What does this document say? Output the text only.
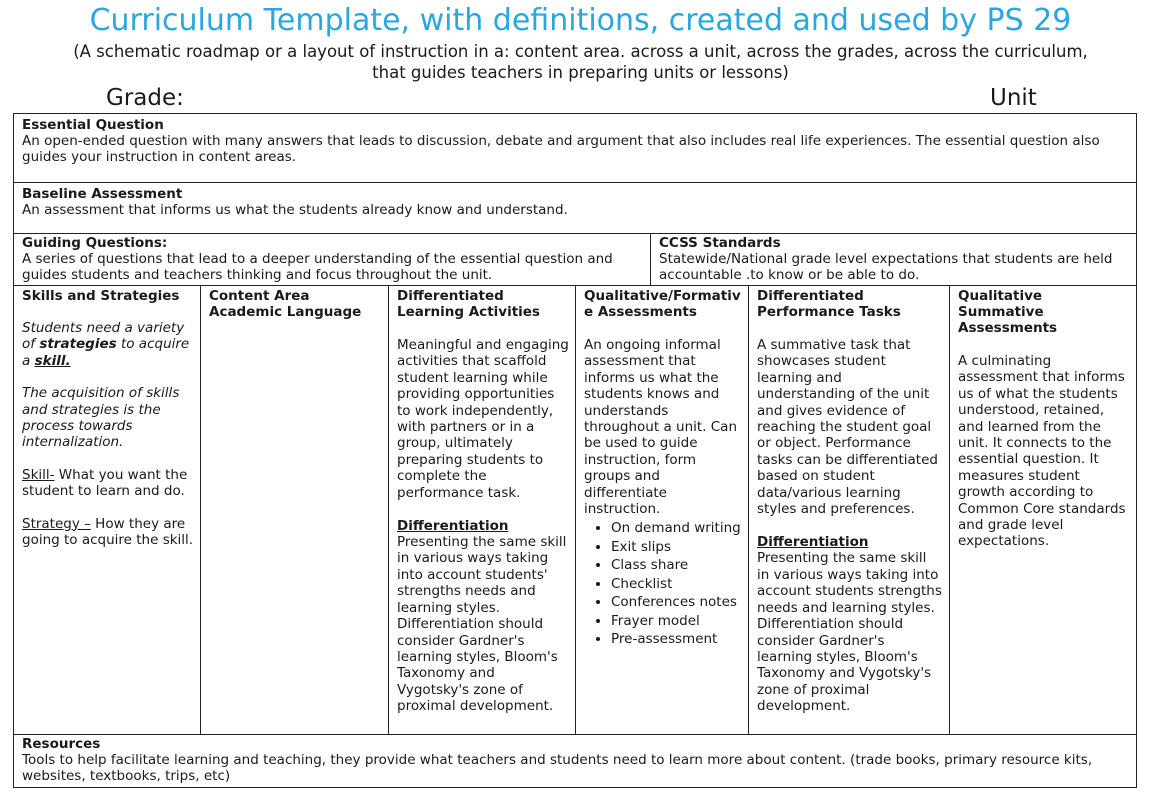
Curriculum Template, with definitions, created and used by PS 29
(A schematic roadmap or a layout of instruction in a: content area. across a unit, across the grades, across the curriculum,
that guides teachers in preparing units or lessons)
Grade:	Unit
Essential Question
An open-ended question with many answers that leads to discussion, debate and argument that also includes real life experiences. The essential question also guides your instruction in content areas.
Baseline Assessment
An assessment that informs us what the students already know and understand.
Guiding Questions:
A series of questions that lead to a deeper understanding of the essential question and guides students and teachers thinking and focus throughout the unit.
CCSS Standards
Statewide/National grade level expectations that students are held accountable .to know or be able to do.
Skills and Strategies
Students need a variety of strategies to acquire a skill.
The acquisition of skills and strategies is the process towards internalization.
Skill- What you want the student to learn and do.
Strategy – How they are going to acquire the skill.
Content Area Academic Language
Differentiated Learning Activities
Meaningful and engaging activities that scaffold student learning while providing opportunities to work independently, with partners or in a group, ultimately preparing students to complete the performance task.
Differentiation
Presenting the same skill in various ways taking into account students' strengths needs and learning styles. Differentiation should consider Gardner's learning styles, Bloom's Taxonomy and Vygotsky's zone of proximal development.
Qualitative/Formative Assessments
An ongoing informal assessment that informs us what the students knows and understands throughout a unit. Can be used to guide instruction, form groups and differentiate instruction.
• On demand writing
• Exit slips
• Class share
• Checklist
• Conferences notes
• Frayer model
• Pre-assessment
Differentiated Performance Tasks
A summative task that showcases student learning and understanding of the unit and gives evidence of reaching the student goal or object. Performance tasks can be differentiated based on student data/various learning styles and preferences.
Differentiation
Presenting the same skill in various ways taking into account students strengths needs and learning styles. Differentiation should consider Gardner's learning styles, Bloom's Taxonomy and Vygotsky's zone of proximal development.
Qualitative Summative Assessments
A culminating assessment that informs us of what the students understood, retained, and learned from the unit. It connects to the essential question. It measures student growth according to Common Core standards and grade level expectations.
Resources
Tools to help facilitate learning and teaching, they provide what teachers and students need to learn more about content. (trade books, primary resource kits, websites, textbooks, trips, etc)
